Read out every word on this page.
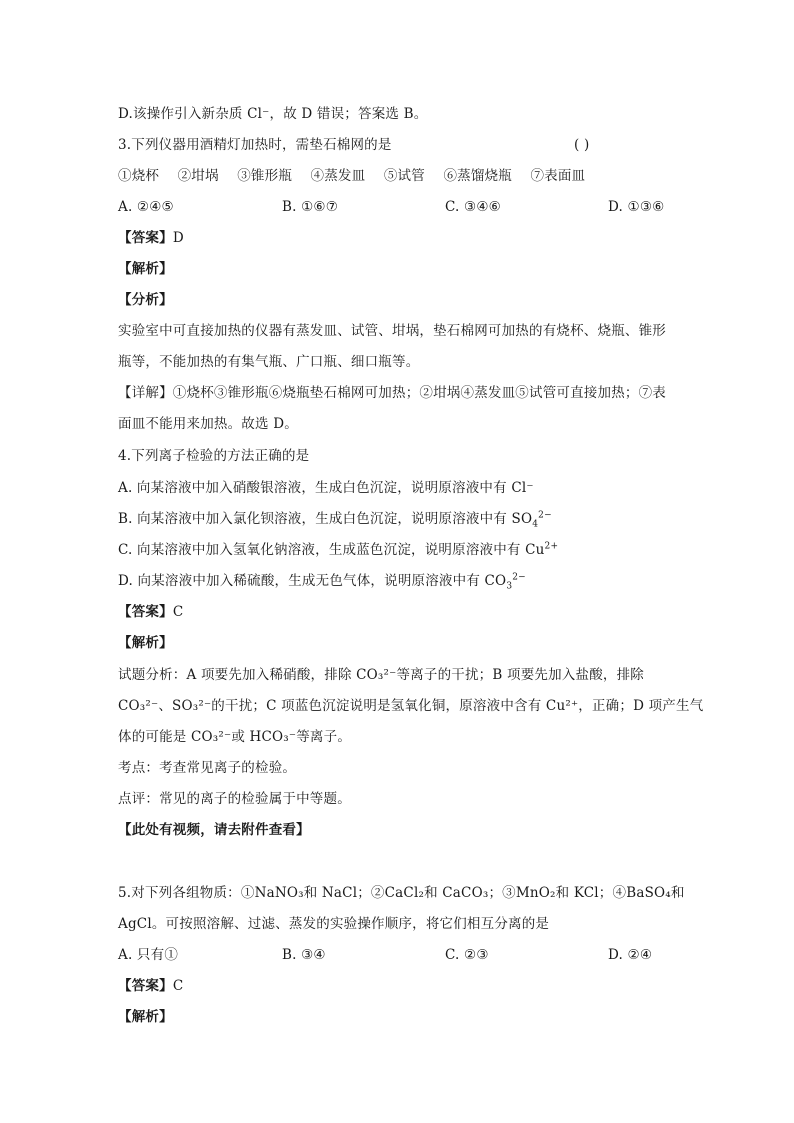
D.该操作引入新杂质 Cl⁻，故 D 错误；答案选 B。
3.下列仪器用酒精灯加热时，需垫石棉网的是	( )
①烧杯 ②坩埚 ③锥形瓶 ④蒸发皿 ⑤试管 ⑥蒸馏烧瓶 ⑦表面皿
A. ②④⑤	B. ①⑥⑦	C. ③④⑥	D. ①③⑥
【答案】D
【解析】
【分析】
实验室中可直接加热的仪器有蒸发皿、试管、坩埚，垫石棉网可加热的有烧杯、烧瓶、锥形
瓶等，不能加热的有集气瓶、广口瓶、细口瓶等。
【详解】①烧杯③锥形瓶⑥烧瓶垫石棉网可加热；②坩埚④蒸发皿⑤试管可直接加热；⑦表
面皿不能用来加热。故选 D。
4.下列离子检验的方法正确的是
A. 向某溶液中加入硝酸银溶液，生成白色沉淀，说明原溶液中有 Cl⁻
B. 向某溶液中加入氯化钡溶液，生成白色沉淀，说明原溶液中有 $SO_4^{2-}$
C. 向某溶液中加入氢氧化钠溶液，生成蓝色沉淀，说明原溶液中有 $Cu^{2+}$
D. 向某溶液中加入稀硫酸，生成无色气体，说明原溶液中有 $CO_3^{2-}$
【答案】C
【解析】
试题分析：A 项要先加入稀硝酸，排除 CO₃²⁻等离子的干扰；B 项要先加入盐酸，排除
CO₃²⁻、SO₃²⁻的干扰；C 项蓝色沉淀说明是氢氧化铜，原溶液中含有 Cu²⁺，正确；D 项产生气
体的可能是 CO₃²⁻或 HCO₃⁻等离子。
考点：考查常见离子的检验。
点评：常见的离子的检验属于中等题。
【此处有视频，请去附件查看】
5.对下列各组物质：①NaNO₃和 NaCl；②CaCl₂和 CaCO₃；③MnO₂和 KCl；④BaSO₄和
AgCl。可按照溶解、过滤、蒸发的实验操作顺序，将它们相互分离的是
A. 只有①	B. ③④	C. ②③	D. ②④
【答案】C
【解析】
